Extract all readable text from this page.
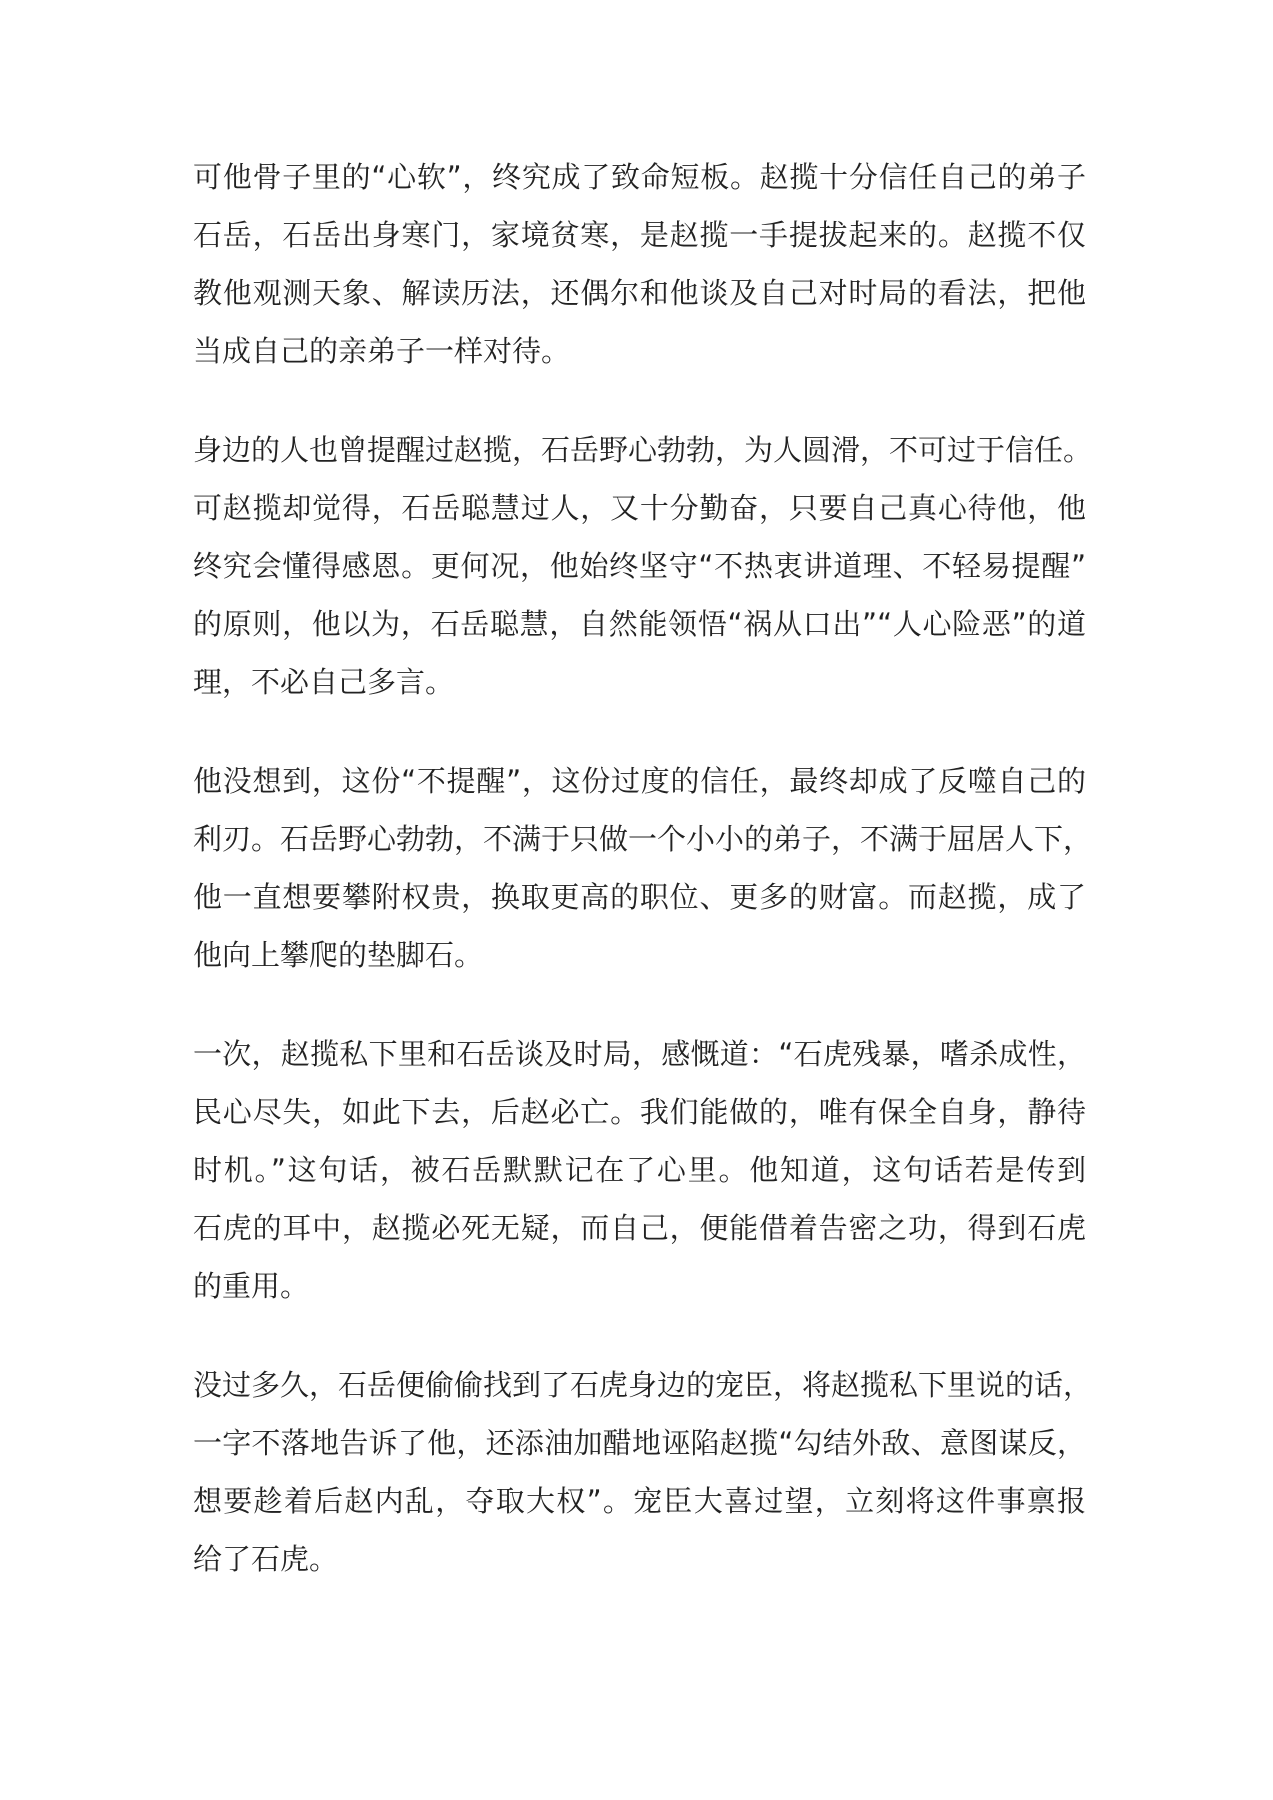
可他骨子里的“心软”，终究成了致命短板。赵揽十分信任自己的弟子
石岳，石岳出身寒门，家境贫寒，是赵揽一手提拔起来的。赵揽不仅
教他观测天象、解读历法，还偶尔和他谈及自己对时局的看法，把他
当成自己的亲弟子一样对待。
身边的人也曾提醒过赵揽，石岳野心勃勃，为人圆滑，不可过于信任。
可赵揽却觉得，石岳聪慧过人，又十分勤奋，只要自己真心待他，他
终究会懂得感恩。更何况，他始终坚守“不热衷讲道理、不轻易提醒”
的原则，他以为，石岳聪慧，自然能领悟“祸从口出”“人心险恶”的道
理，不必自己多言。
他没想到，这份“不提醒”，这份过度的信任，最终却成了反噬自己的
利刃。石岳野心勃勃，不满于只做一个小小的弟子，不满于屈居人下，
他一直想要攀附权贵，换取更高的职位、更多的财富。而赵揽，成了
他向上攀爬的垫脚石。
一次，赵揽私下里和石岳谈及时局，感慨道：“石虎残暴，嗜杀成性，
民心尽失，如此下去，后赵必亡。我们能做的，唯有保全自身，静待
时机。”这句话，被石岳默默记在了心里。他知道，这句话若是传到
石虎的耳中，赵揽必死无疑，而自己，便能借着告密之功，得到石虎
的重用。
没过多久，石岳便偷偷找到了石虎身边的宠臣，将赵揽私下里说的话，
一字不落地告诉了他，还添油加醋地诬陷赵揽“勾结外敌、意图谋反，
想要趁着后赵内乱，夺取大权”。宠臣大喜过望，立刻将这件事禀报
给了石虎。
